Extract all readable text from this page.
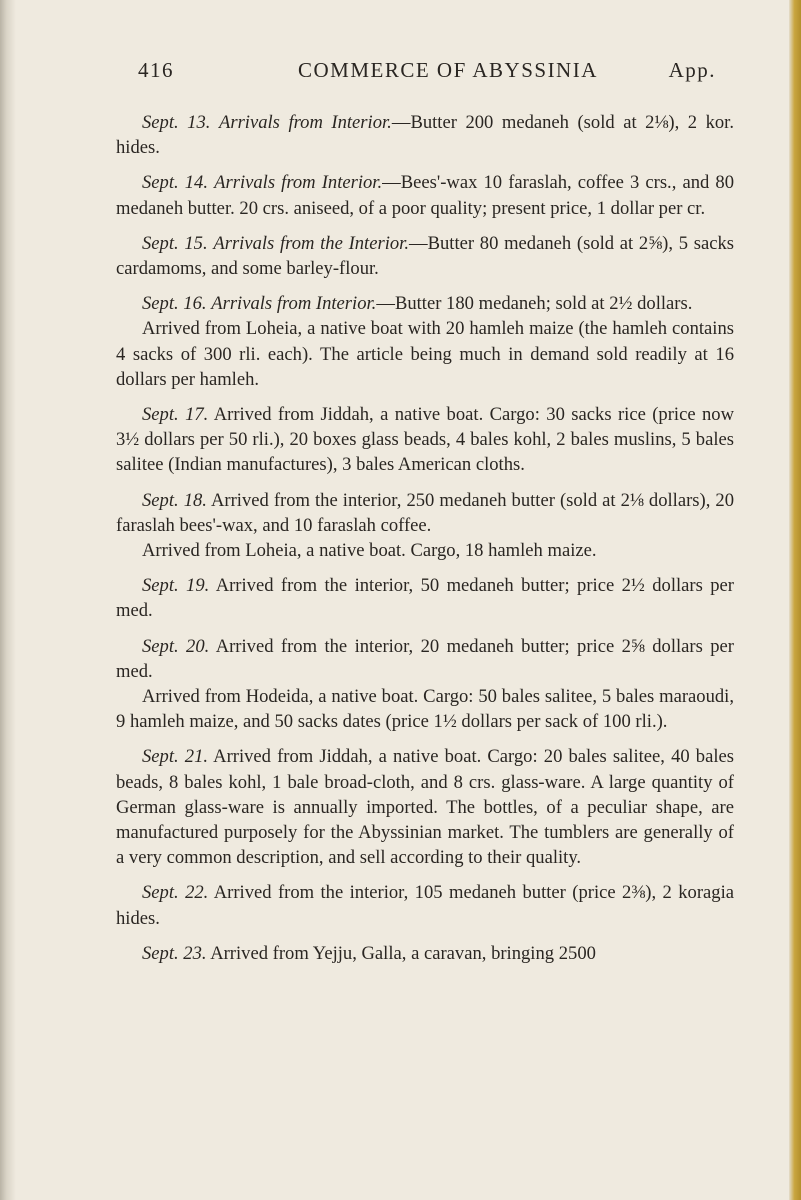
416	COMMERCE OF ABYSSINIA	App.

Sept. 13. Arrivals from Interior.—Butter 200 medaneh (sold at 2⅛), 2 kor. hides.

Sept. 14. Arrivals from Interior.—Bees'-wax 10 faraslah, coffee 3 crs., and 80 medaneh butter. 20 crs. aniseed, of a poor quality; present price, 1 dollar per cr.

Sept. 15. Arrivals from the Interior.—Butter 80 medaneh (sold at 2⅝), 5 sacks cardamoms, and some barley-flour.

Sept. 16. Arrivals from Interior.—Butter 180 medaneh; sold at 2½ dollars.

Arrived from Loheia, a native boat with 20 hamleh maize (the hamleh contains 4 sacks of 300 rli. each). The article being much in demand sold readily at 16 dollars per hamleh.

Sept. 17. Arrived from Jiddah, a native boat. Cargo: 30 sacks rice (price now 3½ dollars per 50 rli.), 20 boxes glass beads, 4 bales kohl, 2 bales muslins, 5 bales salitee (Indian manufactures), 3 bales American cloths.

Sept. 18. Arrived from the interior, 250 medaneh butter (sold at 2⅛ dollars), 20 faraslah bees'-wax, and 10 faraslah coffee.

Arrived from Loheia, a native boat. Cargo, 18 hamleh maize.

Sept. 19. Arrived from the interior, 50 medaneh butter; price 2½ dollars per med.

Sept. 20. Arrived from the interior, 20 medaneh butter; price 2⅝ dollars per med.

Arrived from Hodeida, a native boat. Cargo: 50 bales salitee, 5 bales maraoudi, 9 hamleh maize, and 50 sacks dates (price 1½ dollars per sack of 100 rli.).

Sept. 21. Arrived from Jiddah, a native boat. Cargo: 20 bales salitee, 40 bales beads, 8 bales kohl, 1 bale broad-cloth, and 8 crs. glass-ware. A large quantity of German glass-ware is annually imported. The bottles, of a peculiar shape, are manufactured purposely for the Abyssinian market. The tumblers are generally of a very common description, and sell according to their quality.

Sept. 22. Arrived from the interior, 105 medaneh butter (price 2⅜), 2 koragia hides.

Sept. 23. Arrived from Yejju, Galla, a caravan, bringing 2500
